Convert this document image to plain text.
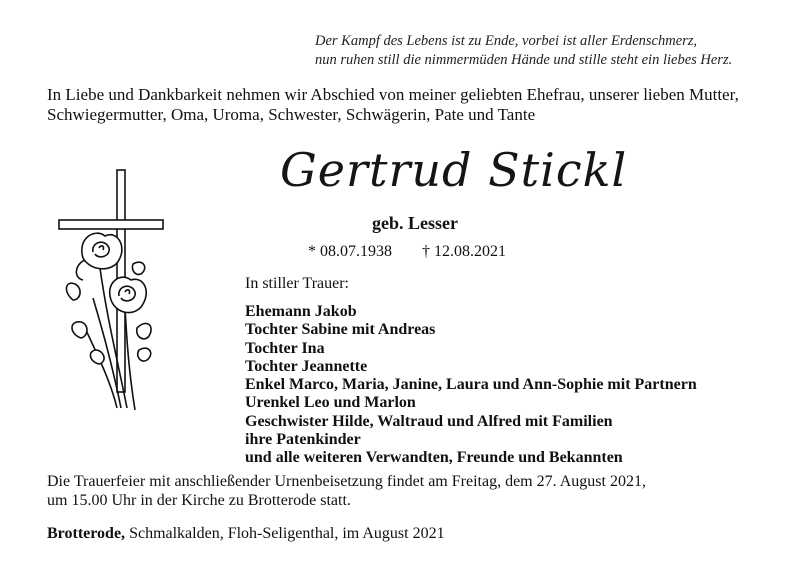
Der Kampf des Lebens ist zu Ende, vorbei ist aller Erdenschmerz,
nun ruhen still die nimmermüden Hände und stille steht ein liebes Herz.
In Liebe und Dankbarkeit nehmen wir Abschied von meiner geliebten Ehefrau, unserer lieben Mutter,
Schwiegermutter, Oma, Uroma, Schwester, Schwägerin, Pate und Tante
Gertrud Stickl
geb. Lesser
* 08.07.1938 † 12.08.2021
In stiller Trauer:
Ehemann Jakob
Tochter Sabine mit Andreas
Tochter Ina
Tochter Jeannette
Enkel Marco, Maria, Janine, Laura und Ann-Sophie mit Partnern
Urenkel Leo und Marlon
Geschwister Hilde, Waltraud und Alfred mit Familien
ihre Patenkinder
und alle weiteren Verwandten, Freunde und Bekannten
Die Trauerfeier mit anschließender Urnenbeisetzung findet am Freitag, dem 27. August 2021,
um 15.00 Uhr in der Kirche zu Brotterode statt.
Brotterode, Schmalkalden, Floh-Seligenthal, im August 2021
